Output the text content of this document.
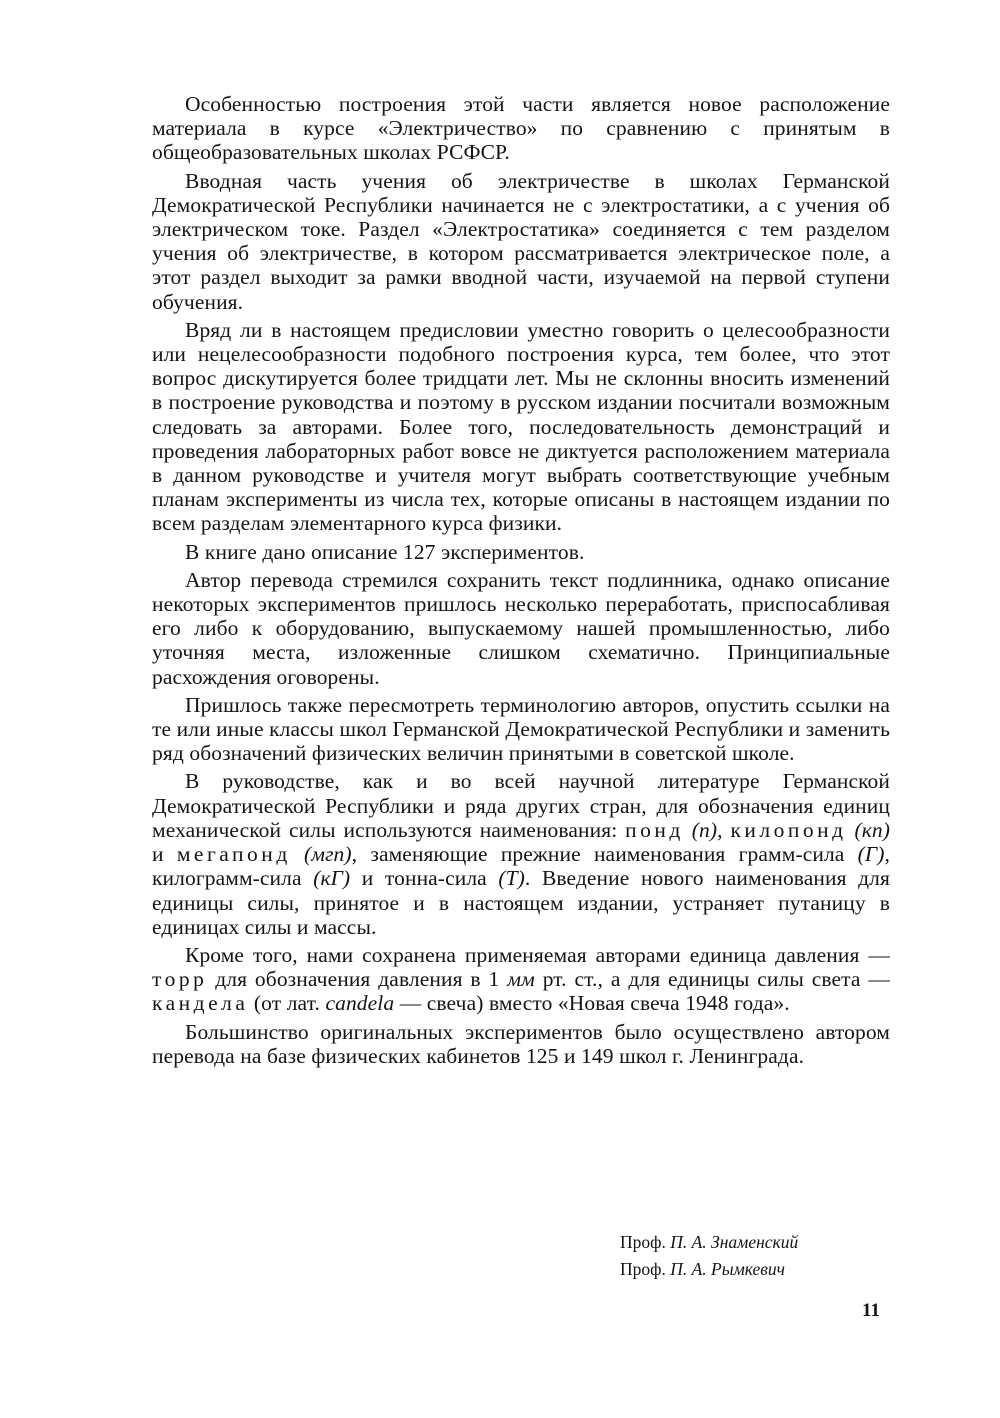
Особенностью построения этой части является новое расположение материала в курсе «Электричество» по сравнению с принятым в общеобразовательных школах РСФСР.

Вводная часть учения об электричестве в школах Германской Демократической Республики начинается не с электростатики, а с учения об электрическом токе. Раздел «Электростатика» соединяется с тем разделом учения об электричестве, в котором рассматривается электрическое поле, а этот раздел выходит за рамки вводной части, изучаемой на первой ступени обучения.

Вряд ли в настоящем предисловии уместно говорить о целесообразности или нецелесообразности подобного построения курса, тем более, что этот вопрос дискутируется более тридцати лет. Мы не склонны вносить изменений в построение руководства и поэтому в русском издании посчитали возможным следовать за авторами. Более того, последовательность демонстраций и проведения лабораторных работ вовсе не диктуется расположением материала в данном руководстве и учителя могут выбрать соответствующие учебным планам эксперименты из числа тех, которые описаны в настоящем издании по всем разделам элементарного курса физики.

В книге дано описание 127 экспериментов.

Автор перевода стремился сохранить текст подлинника, однако описание некоторых экспериментов пришлось несколько переработать, приспосабливая его либо к оборудованию, выпускаемому нашей промышленностью, либо уточняя места, изложенные слишком схематично. Принципиальные расхождения оговорены.

Пришлось также пересмотреть терминологию авторов, опустить ссылки на те или иные классы школ Германской Демократической Республики и заменить ряд обозначений физических величин принятыми в советской школе.

В руководстве, как и во всей научной литературе Германской Демократической Республики и ряда других стран, для обозначения единиц механической силы используются наименования: понд (п), килопонд (кп) и мегапонд (мгп), заменяющие прежние наименования грамм-сила (Г), килограмм-сила (кГ) и тонна-сила (Т). Введение нового наименования для единицы силы, принятое и в настоящем издании, устраняет путаницу в единицах силы и массы.

Кроме того, нами сохранена применяемая авторами единица давления — торр для обозначения давления в 1 мм рт. ст., а для единицы силы света — кандела (от лат. candela — свеча) вместо «Новая свеча 1948 года».

Большинство оригинальных экспериментов было осуществлено автором перевода на базе физических кабинетов 125 и 149 школ г. Ленинграда.

Проф. П. А. Знаменский
Проф. П. А. Рымкевич
11
